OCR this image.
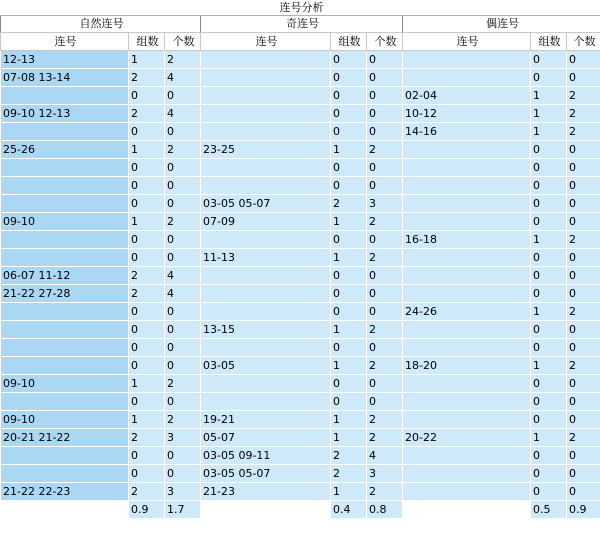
连号分析								
自然连号			奇连号			偶连号		
连号	组数	个数	连号	组数	个数	连号	组数	个数
12-13	1	2		0	0		0	0
07-08 13-14	2	4		0	0		0	0
	0	0		0	0	02-04	1	2
09-10 12-13	2	4		0	0	10-12	1	2
	0	0		0	0	14-16	1	2
25-26	1	2	23-25	1	2		0	0
	0	0		0	0		0	0
	0	0		0	0		0	0
	0	0	03-05 05-07	2	3		0	0
09-10	1	2	07-09	1	2		0	0
	0	0		0	0	16-18	1	2
	0	0	11-13	1	2		0	0
06-07 11-12	2	4		0	0		0	0
21-22 27-28	2	4		0	0		0	0
	0	0		0	0	24-26	1	2
	0	0	13-15	1	2		0	0
	0	0		0	0		0	0
	0	0	03-05	1	2	18-20	1	2
09-10	1	2		0	0		0	0
	0	0		0	0		0	0
09-10	1	2	19-21	1	2		0	0
20-21 21-22	2	3	05-07	1	2	20-22	1	2
	0	0	03-05 09-11	2	4		0	0
	0	0	03-05 05-07	2	3		0	0
21-22 22-23	2	3	21-23	1	2		0	0
	0.9	1.7		0.4	0.8		0.5	0.9
